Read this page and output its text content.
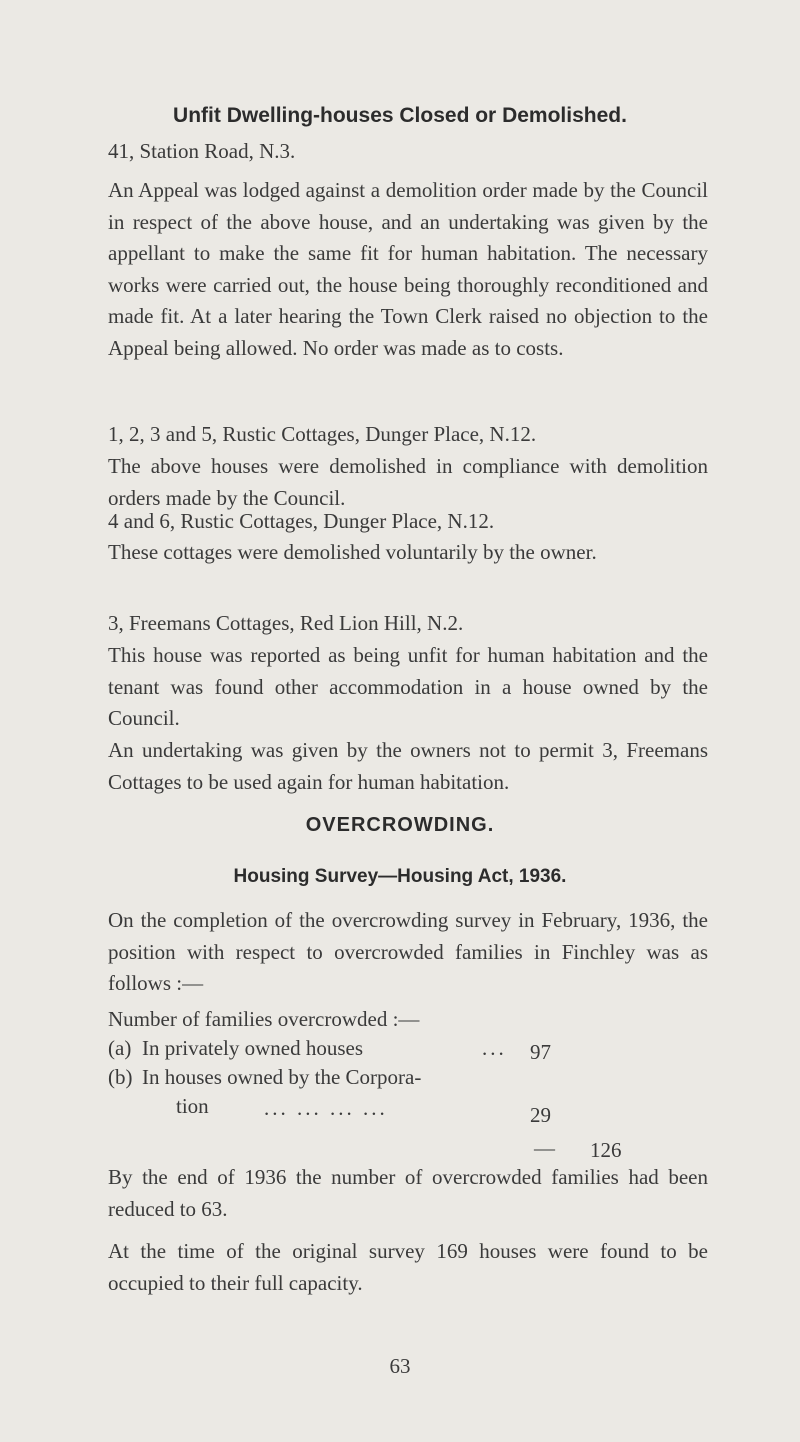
Unfit Dwelling-houses Closed or Demolished.
41, Station Road, N.3.
An Appeal was lodged against a demolition order made by the Council in respect of the above house, and an undertaking was given by the appellant to make the same fit for human habitation. The necessary works were carried out, the house being thoroughly reconditioned and made fit. At a later hearing the Town Clerk raised no objection to the Appeal being allowed. No order was made as to costs.
1, 2, 3 and 5, Rustic Cottages, Dunger Place, N.12.
The above houses were demolished in compliance with demolition orders made by the Council.
4 and 6, Rustic Cottages, Dunger Place, N.12.
These cottages were demolished voluntarily by the owner.
3, Freemans Cottages, Red Lion Hill, N.2.
This house was reported as being unfit for human habitation and the tenant was found other accommodation in a house owned by the Council.
An undertaking was given by the owners not to permit 3, Freemans Cottages to be used again for human habitation.
OVERCROWDING.
Housing Survey—Housing Act, 1936.
On the completion of the overcrowding survey in February, 1936, the position with respect to overcrowded families in Finchley was as follows :—
Number of families overcrowded :—
(a) In privately owned houses	... 97
(b) In houses owned by the Corpora-
tion	... ... ... ...	29
— 126
By the end of 1936 the number of overcrowded families had been reduced to 63.
At the time of the original survey 169 houses were found to be occupied to their full capacity.
63
